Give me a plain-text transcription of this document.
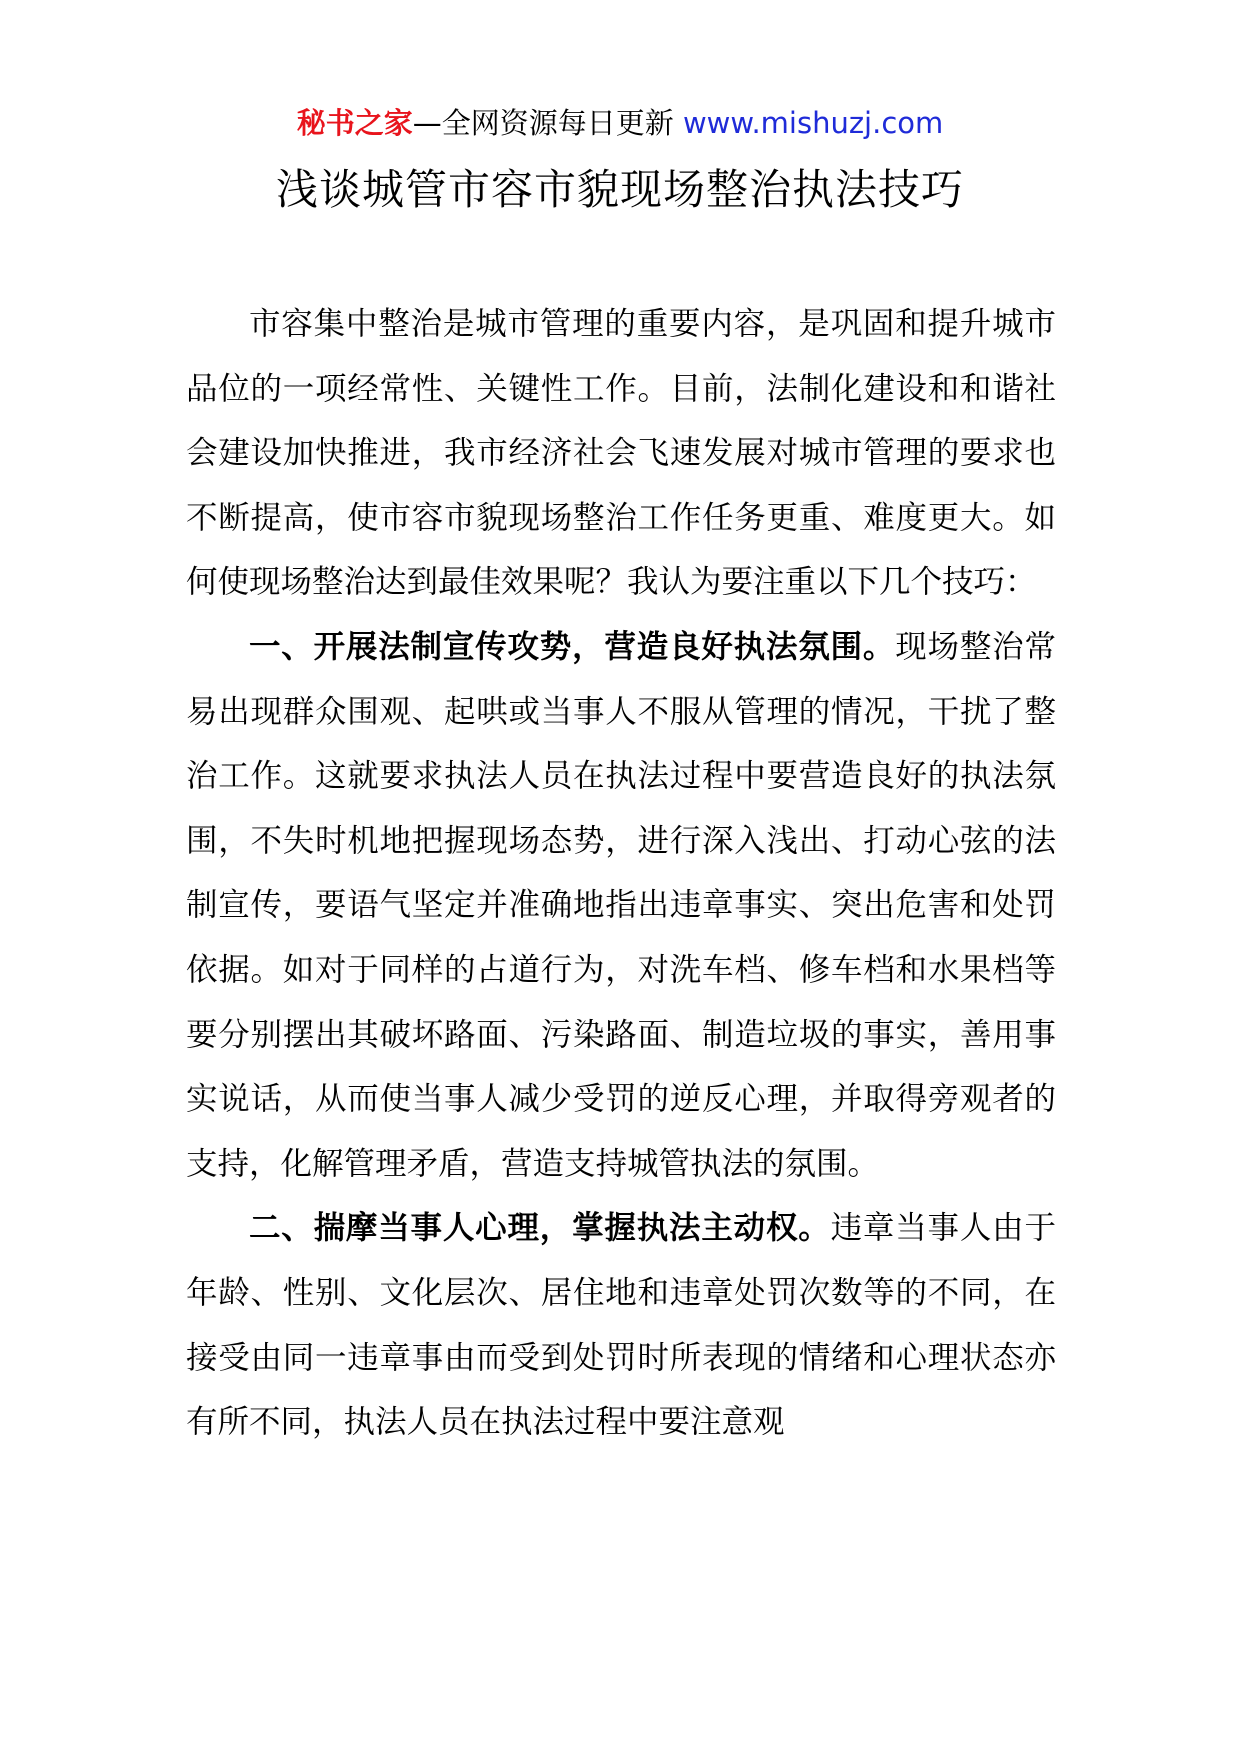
秘书之家—全网资源每日更新 www.mishuzj.com
浅谈城管市容市貌现场整治执法技巧

市容集中整治是城市管理的重要内容，是巩固和提升城市品位的一项经常性、关键性工作。目前，法制化建设和和谐社会建设加快推进，我市经济社会飞速发展对城市管理的要求也不断提高，使市容市貌现场整治工作任务更重、难度更大。如何使现场整治达到最佳效果呢？我认为要注重以下几个技巧：

一、开展法制宣传攻势，营造良好执法氛围。现场整治常易出现群众围观、起哄或当事人不服从管理的情况，干扰了整治工作。这就要求执法人员在执法过程中要营造良好的执法氛围，不失时机地把握现场态势，进行深入浅出、打动心弦的法制宣传，要语气坚定并准确地指出违章事实、突出危害和处罚依据。如对于同样的占道行为，对洗车档、修车档和水果档等要分别摆出其破坏路面、污染路面、制造垃圾的事实，善用事实说话，从而使当事人减少受罚的逆反心理，并取得旁观者的支持，化解管理矛盾，营造支持城管执法的氛围。

二、揣摩当事人心理，掌握执法主动权。违章当事人由于年龄、性别、文化层次、居住地和违章处罚次数等的不同，在接受由同一违章事由而受到处罚时所表现的情绪和心理状态亦有所不同，执法人员在执法过程中要注意观
